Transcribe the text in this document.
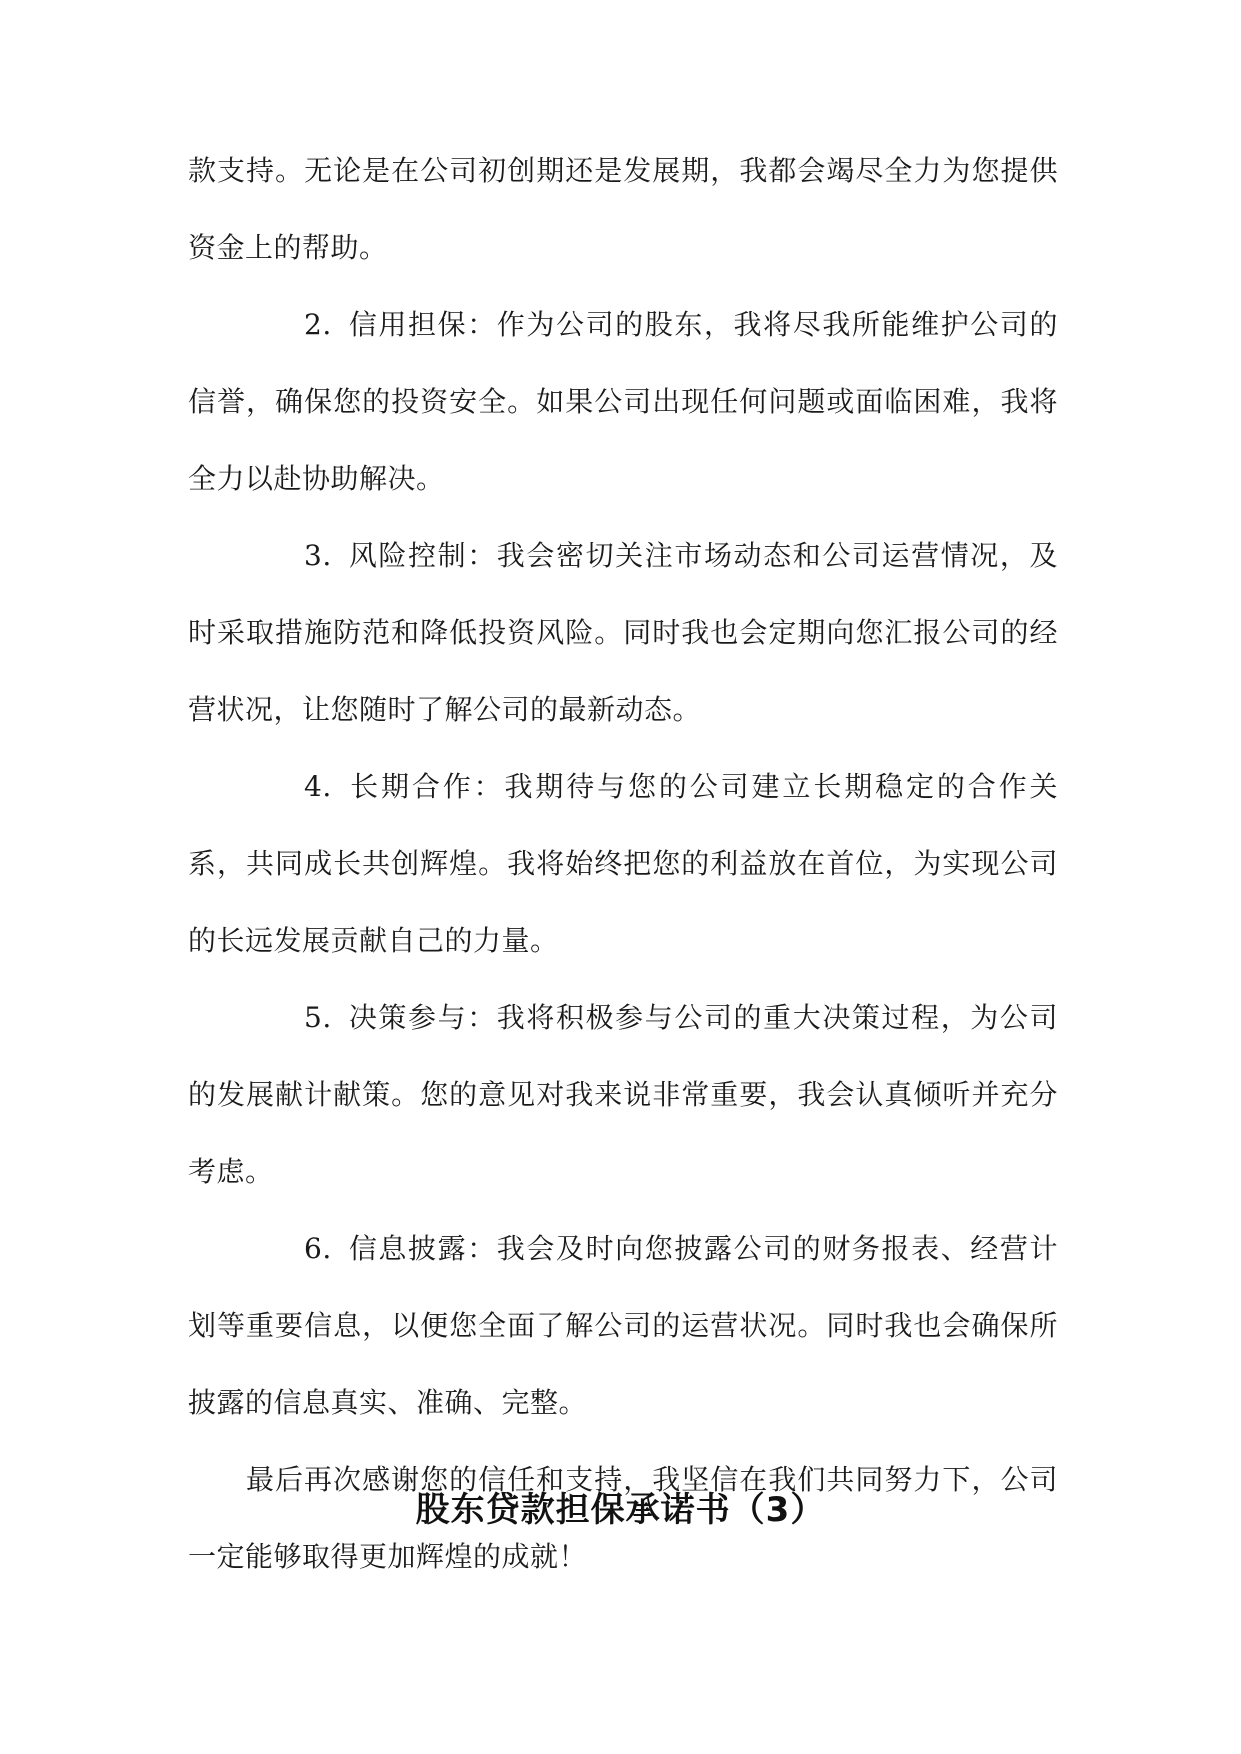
款支持。无论是在公司初创期还是发展期，我都会竭尽全力为您提供资金上的帮助。

2. 信用担保：作为公司的股东，我将尽我所能维护公司的信誉，确保您的投资安全。如果公司出现任何问题或面临困难，我将全力以赴协助解决。

3. 风险控制：我会密切关注市场动态和公司运营情况，及时采取措施防范和降低投资风险。同时我也会定期向您汇报公司的经营状况，让您随时了解公司的最新动态。

4. 长期合作：我期待与您的公司建立长期稳定的合作关系，共同成长共创辉煌。我将始终把您的利益放在首位，为实现公司的长远发展贡献自己的力量。

5. 决策参与：我将积极参与公司的重大决策过程，为公司的发展献计献策。您的意见对我来说非常重要，我会认真倾听并充分考虑。

6. 信息披露：我会及时向您披露公司的财务报表、经营计划等重要信息，以便您全面了解公司的运营状况。同时我也会确保所披露的信息真实、准确、完整。

最后再次感谢您的信任和支持，我坚信在我们共同努力下，公司一定能够取得更加辉煌的成就！

股东贷款担保承诺书（3）
